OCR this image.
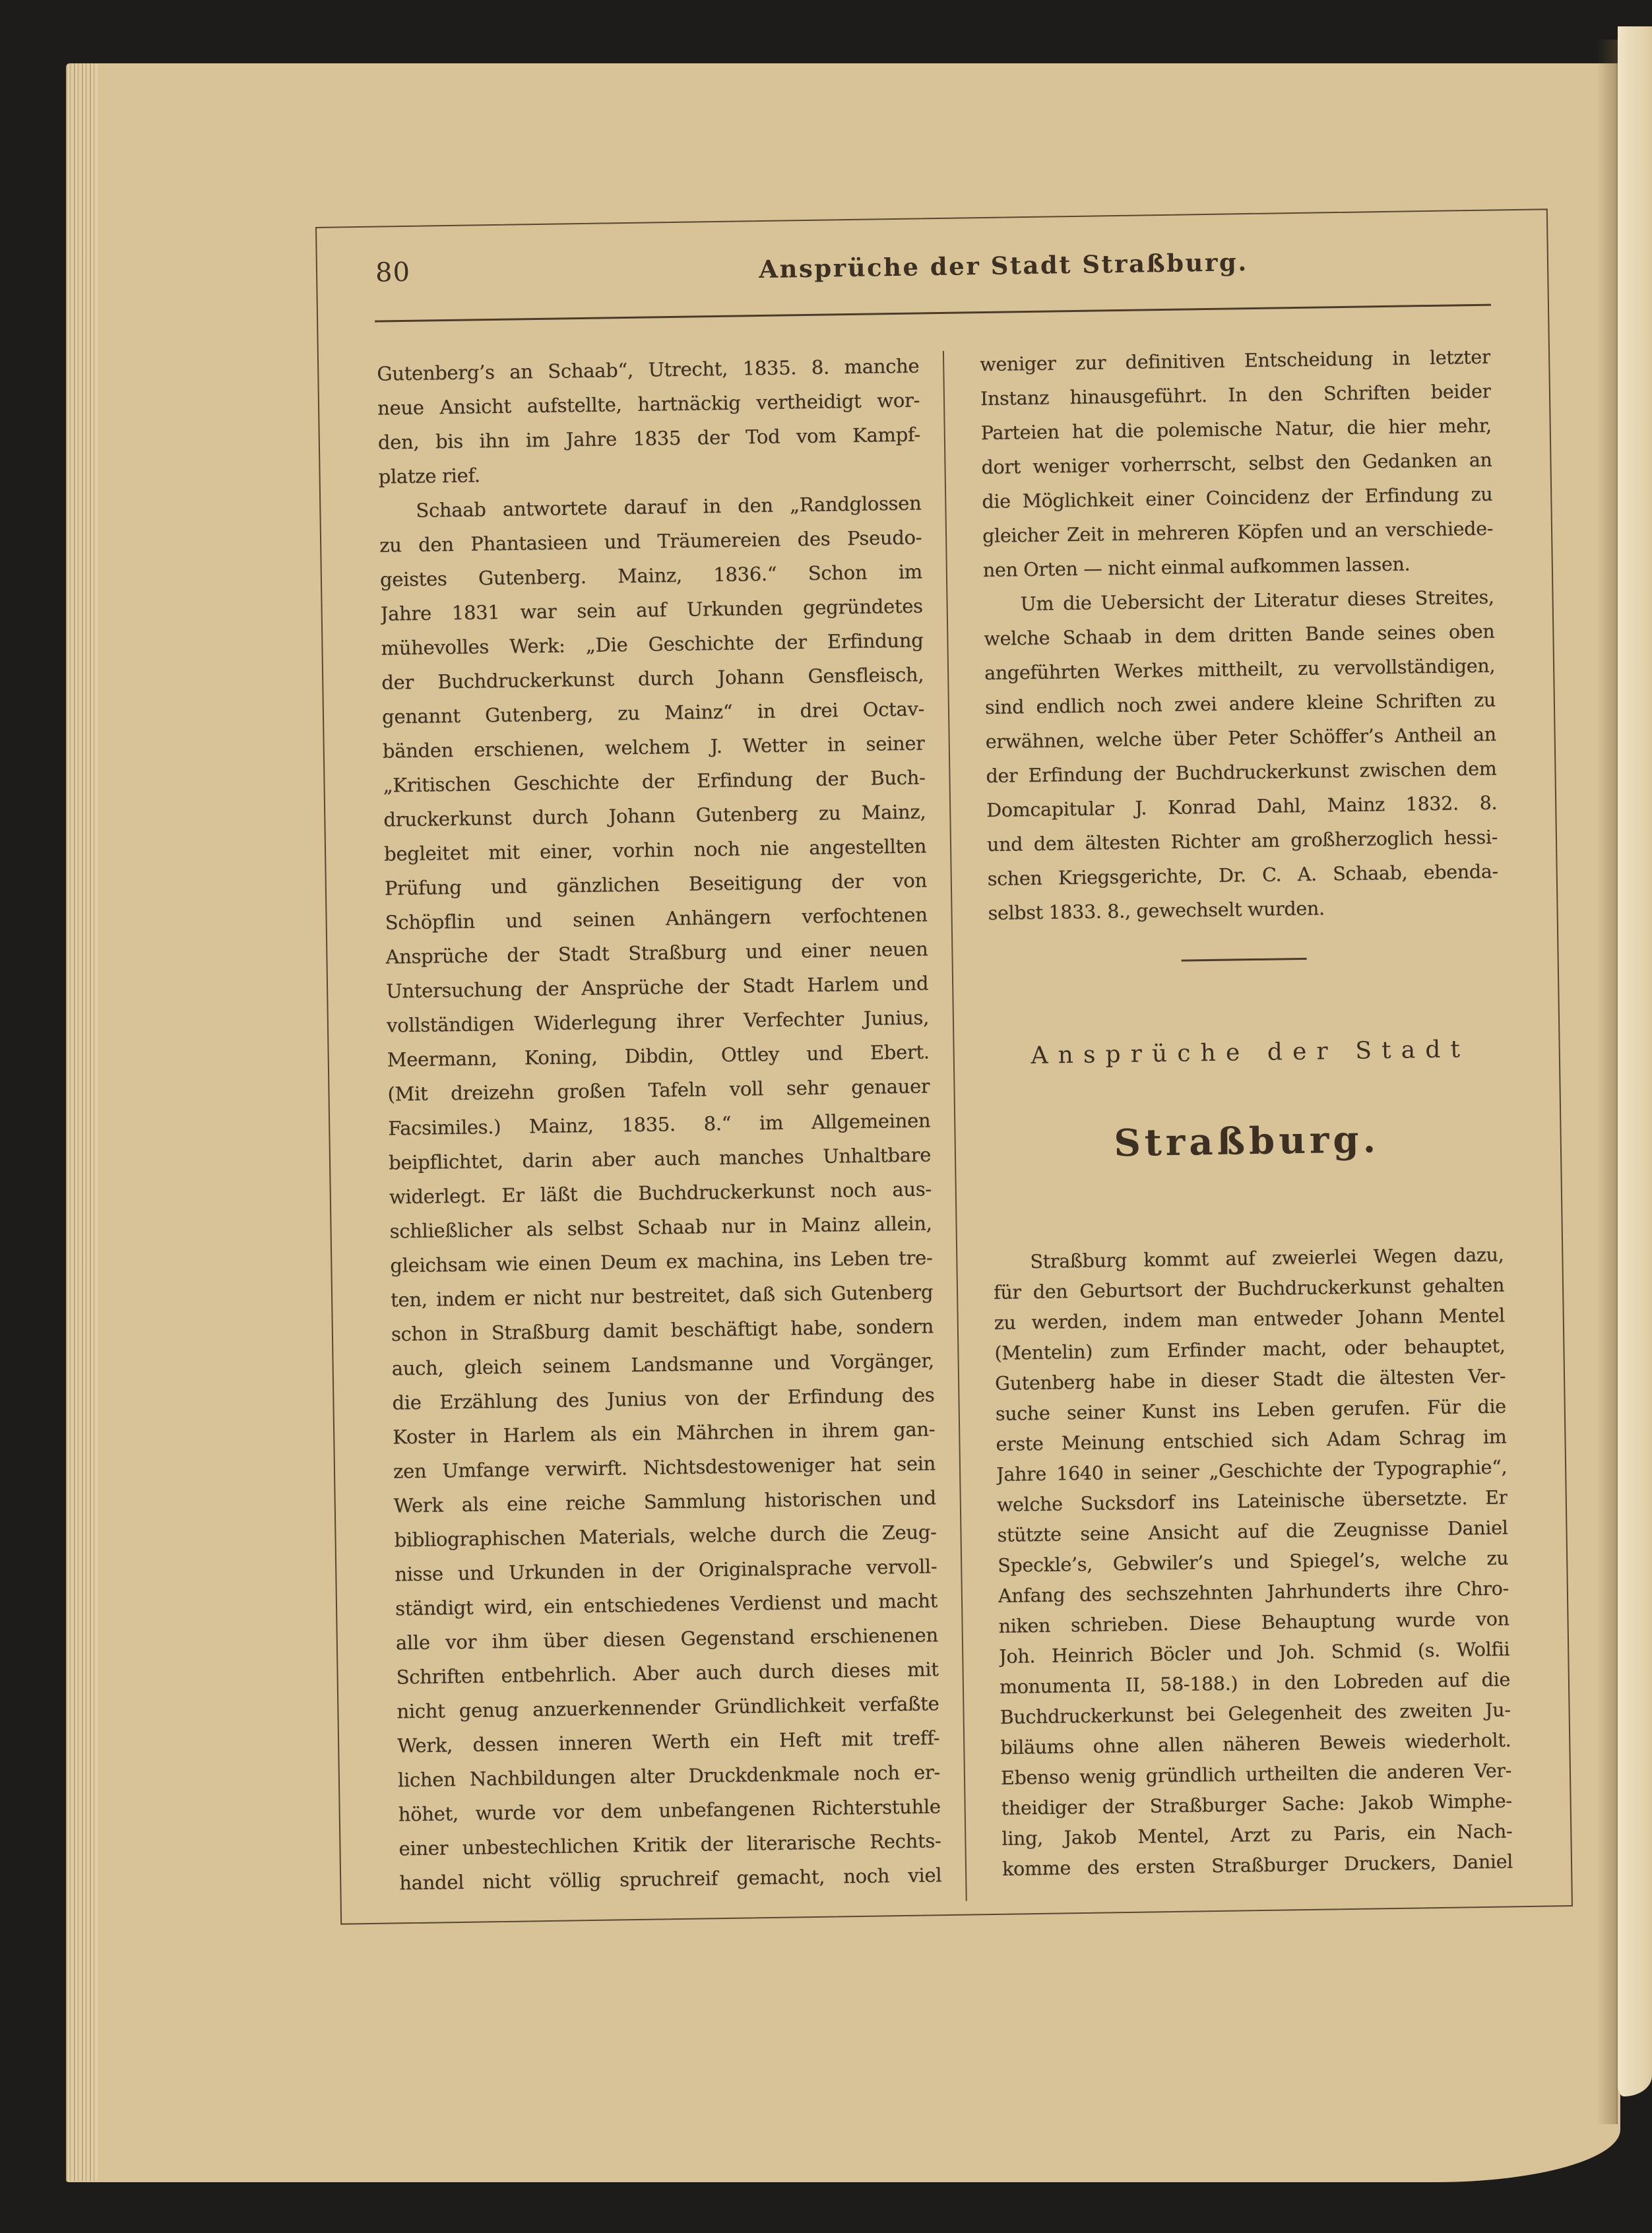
80	Ansprüche der Stadt Straßburg.
Gutenberg’s an Schaab“, Utrecht, 1835. 8. manche
neue Ansicht aufstellte, hartnäckig vertheidigt wor-
den, bis ihn im Jahre 1835 der Tod vom Kampf-
platze rief.
Schaab antwortete darauf in den „Randglossen
zu den Phantasieen und Träumereien des Pseudo-
geistes Gutenberg. Mainz, 1836.“ Schon im
Jahre 1831 war sein auf Urkunden gegründetes
mühevolles Werk: „Die Geschichte der Erfindung
der Buchdruckerkunst durch Johann Gensfleisch,
genannt Gutenberg, zu Mainz“ in drei Octav-
bänden erschienen, welchem J. Wetter in seiner
„Kritischen Geschichte der Erfindung der Buch-
druckerkunst durch Johann Gutenberg zu Mainz,
begleitet mit einer, vorhin noch nie angestellten
Prüfung und gänzlichen Beseitigung der von
Schöpflin und seinen Anhängern verfochtenen
Ansprüche der Stadt Straßburg und einer neuen
Untersuchung der Ansprüche der Stadt Harlem und
vollständigen Widerlegung ihrer Verfechter Junius,
Meermann, Koning, Dibdin, Ottley und Ebert.
(Mit dreizehn großen Tafeln voll sehr genauer
Facsimiles.) Mainz, 1835. 8.“ im Allgemeinen
beipflichtet, darin aber auch manches Unhaltbare
widerlegt. Er läßt die Buchdruckerkunst noch aus-
schließlicher als selbst Schaab nur in Mainz allein,
gleichsam wie einen Deum ex machina, ins Leben tre-
ten, indem er nicht nur bestreitet, daß sich Gutenberg
schon in Straßburg damit beschäftigt habe, sondern
auch, gleich seinem Landsmanne und Vorgänger,
die Erzählung des Junius von der Erfindung des
Koster in Harlem als ein Mährchen in ihrem gan-
zen Umfange verwirft. Nichtsdestoweniger hat sein
Werk als eine reiche Sammlung historischen und
bibliographischen Materials, welche durch die Zeug-
nisse und Urkunden in der Originalsprache vervoll-
ständigt wird, ein entschiedenes Verdienst und macht
alle vor ihm über diesen Gegenstand erschienenen
Schriften entbehrlich. Aber auch durch dieses mit
nicht genug anzuerkennender Gründlichkeit verfaßte
Werk, dessen inneren Werth ein Heft mit treff-
lichen Nachbildungen alter Druckdenkmale noch er-
höhet, wurde vor dem unbefangenen Richterstuhle
einer unbestechlichen Kritik der literarische Rechts-
handel nicht völlig spruchreif gemacht, noch viel
weniger zur definitiven Entscheidung in letzter
Instanz hinausgeführt. In den Schriften beider
Parteien hat die polemische Natur, die hier mehr,
dort weniger vorherrscht, selbst den Gedanken an
die Möglichkeit einer Coincidenz der Erfindung zu
gleicher Zeit in mehreren Köpfen und an verschiede-
nen Orten — nicht einmal aufkommen lassen.
Um die Uebersicht der Literatur dieses Streites,
welche Schaab in dem dritten Bande seines oben
angeführten Werkes mittheilt, zu vervollständigen,
sind endlich noch zwei andere kleine Schriften zu
erwähnen, welche über Peter Schöffer’s Antheil an
der Erfindung der Buchdruckerkunst zwischen dem
Domcapitular J. Konrad Dahl, Mainz 1832. 8.
und dem ältesten Richter am großherzoglich hessi-
schen Kriegsgerichte, Dr. C. A. Schaab, ebenda-
selbst 1833. 8., gewechselt wurden.
Ansprüche der Stadt
Straßburg.
Straßburg kommt auf zweierlei Wegen dazu,
für den Geburtsort der Buchdruckerkunst gehalten
zu werden, indem man entweder Johann Mentel
(Mentelin) zum Erfinder macht, oder behauptet,
Gutenberg habe in dieser Stadt die ältesten Ver-
suche seiner Kunst ins Leben gerufen. Für die
erste Meinung entschied sich Adam Schrag im
Jahre 1640 in seiner „Geschichte der Typographie“,
welche Sucksdorf ins Lateinische übersetzte. Er
stützte seine Ansicht auf die Zeugnisse Daniel
Speckle’s, Gebwiler’s und Spiegel’s, welche zu
Anfang des sechszehnten Jahrhunderts ihre Chro-
niken schrieben. Diese Behauptung wurde von
Joh. Heinrich Böcler und Joh. Schmid (s. Wolfii
monumenta II, 58-188.) in den Lobreden auf die
Buchdruckerkunst bei Gelegenheit des zweiten Ju-
biläums ohne allen näheren Beweis wiederholt.
Ebenso wenig gründlich urtheilten die anderen Ver-
theidiger der Straßburger Sache: Jakob Wimphe-
ling, Jakob Mentel, Arzt zu Paris, ein Nach-
komme des ersten Straßburger Druckers, Daniel
